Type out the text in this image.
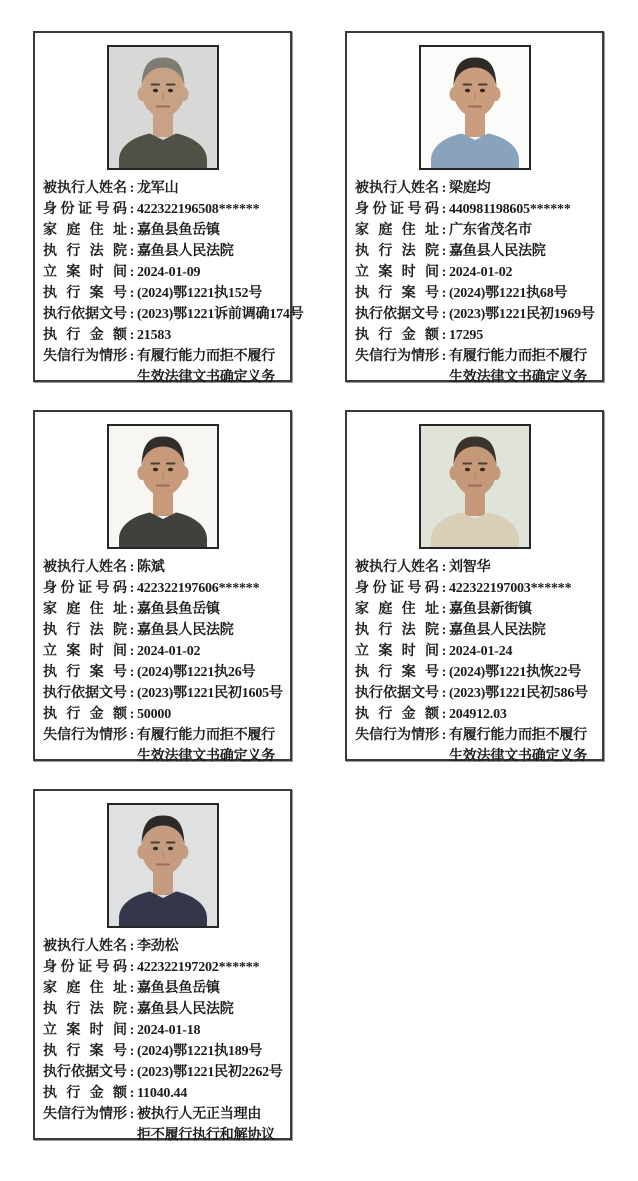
被执行人姓名 : 龙军山
身份证号码 : 422322196508******
家庭住址 : 嘉鱼县鱼岳镇
执行法院 : 嘉鱼县人民法院
立案时间 : 2024-01-09
执行案号 : (2024)鄂1221执152号
执行依据文号 : (2023)鄂1221诉前调确174号
执行金额 : 21583
失信行为情形 : 有履行能力而拒不履行
生效法律文书确定义务
被执行人姓名 : 梁庭均
身份证号码 : 440981198605******
家庭住址 : 广东省茂名市
执行法院 : 嘉鱼县人民法院
立案时间 : 2024-01-02
执行案号 : (2024)鄂1221执68号
执行依据文号 : (2023)鄂1221民初1969号
执行金额 : 17295
失信行为情形 : 有履行能力而拒不履行
生效法律文书确定义务
被执行人姓名 : 陈斌
身份证号码 : 422322197606******
家庭住址 : 嘉鱼县鱼岳镇
执行法院 : 嘉鱼县人民法院
立案时间 : 2024-01-02
执行案号 : (2024)鄂1221执26号
执行依据文号 : (2023)鄂1221民初1605号
执行金额 : 50000
失信行为情形 : 有履行能力而拒不履行
生效法律文书确定义务
被执行人姓名 : 刘智华
身份证号码 : 422322197003******
家庭住址 : 嘉鱼县新街镇
执行法院 : 嘉鱼县人民法院
立案时间 : 2024-01-24
执行案号 : (2024)鄂1221执恢22号
执行依据文号 : (2023)鄂1221民初586号
执行金额 : 204912.03
失信行为情形 : 有履行能力而拒不履行
生效法律文书确定义务
被执行人姓名 : 李劲松
身份证号码 : 422322197202******
家庭住址 : 嘉鱼县鱼岳镇
执行法院 : 嘉鱼县人民法院
立案时间 : 2024-01-18
执行案号 : (2024)鄂1221执189号
执行依据文号 : (2023)鄂1221民初2262号
执行金额 : 11040.44
失信行为情形 : 被执行人无正当理由
拒不履行执行和解协议
